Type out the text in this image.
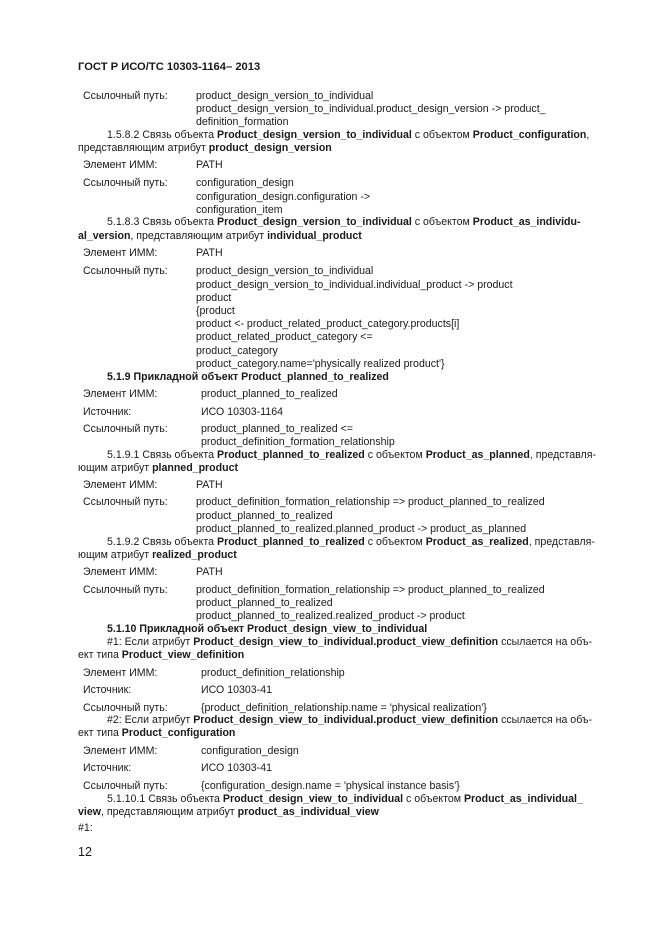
ГОСТ Р ИСО/ТС 10303-1164– 2013
Ссылочный путь:	product_design_version_to_individual
product_design_version_to_individual.product_design_version -> product_
definition_formation
1.5.8.2 Связь объекта Product_design_version_to_individual с объектом Product_configuration,
представляющим атрибут product_design_version
Элемент ИММ:	PATH
Ссылочный путь:	configuration_design
configuration_design.configuration ->
configuration_item
5.1.8.3 Связь объекта Product_design_version_to_individual с объектом Product_as_individu-
al_version, представляющим атрибут individual_product
Элемент ИММ:	PATH
Ссылочный путь:	product_design_version_to_individual
product_design_version_to_individual.individual_product -> product
product
{product
product <- product_related_product_category.products[i]
product_related_product_category <=
product_category
product_category.name='physically realized product'}
5.1.9 Прикладной объект Product_planned_to_realized
Элемент ИММ:	product_planned_to_realized
Источник:	ИСО 10303-1164
Ссылочный путь:	product_planned_to_realized <=
product_definition_formation_relationship
5.1.9.1 Связь объекта Product_planned_to_realized с объектом Product_as_planned, представля-
ющим атрибут planned_product
Элемент ИММ:	PATH
Ссылочный путь:	product_definition_formation_relationship => product_planned_to_realized
product_planned_to_realized
product_planned_to_realized.planned_product -> product_as_planned
5.1.9.2 Связь объекта Product_planned_to_realized с объектом Product_as_realized, представля-
ющим атрибут realized_product
Элемент ИММ:	PATH
Ссылочный путь:	product_definition_formation_relationship => product_planned_to_realized
product_planned_to_realized
product_planned_to_realized.realized_product -> product
5.1.10 Прикладной объект Product_design_view_to_individual
#1: Если атрибут Product_design_view_to_individual.product_view_definition ссылается на объ-
ект типа Product_view_definition
Элемент ИММ:	product_definition_relationship
Источник:	ИСО 10303-41
Ссылочный путь:	{product_definition_relationship.name = 'physical realization'}
#2: Если атрибут Product_design_view_to_individual.product_view_definition ссылается на объ-
ект типа Product_configuration
Элемент ИММ:	configuration_design
Источник:	ИСО 10303-41
Ссылочный путь:	{configuration_design.name = 'physical instance basis'}
5.1.10.1 Связь объекта Product_design_view_to_individual с объектом Product_as_individual_
view, представляющим атрибут product_as_individual_view
#1:
12
